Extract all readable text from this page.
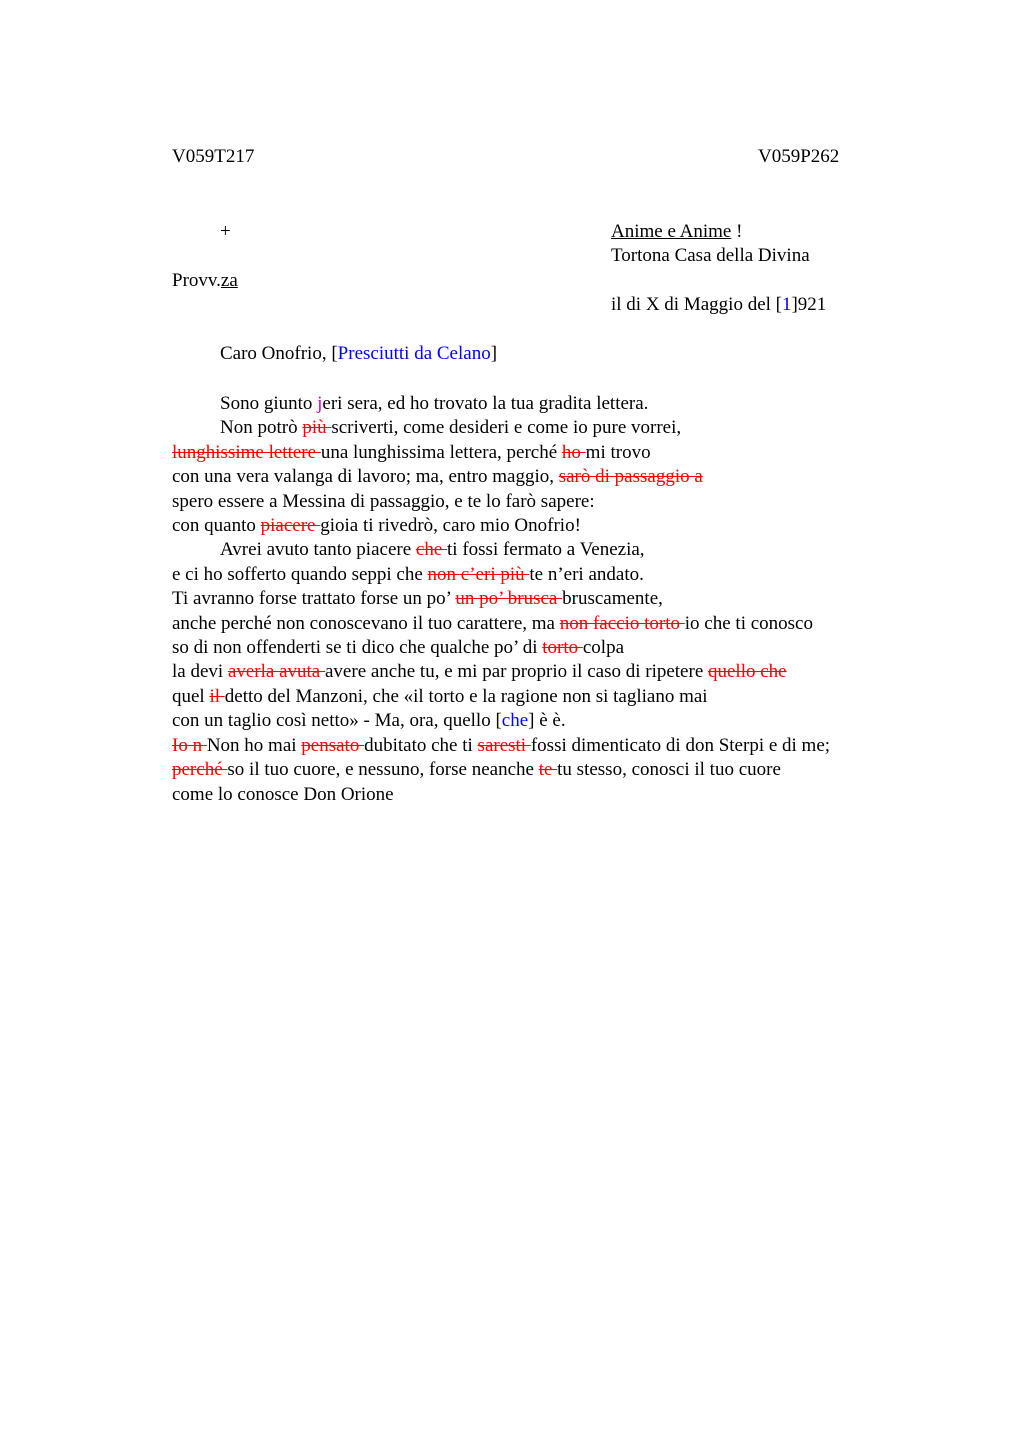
V059T217	V059P262
+	Anime e Anime !
Tortona Casa della Divina
Provv.za
il di X di Maggio del [1]921
Caro Onofrio, [Presciutti da Celano]
Sono giunto jeri sera, ed ho trovato la tua gradita lettera.
Non potrò più scriverti, come desideri e come io pure vorrei,
lunghissime lettere una lunghissima lettera, perché ho mi trovo
con una vera valanga di lavoro; ma, entro maggio, sarò di passaggio a
spero essere a Messina di passaggio, e te lo farò sapere:
con quanto piacere gioia ti rivedrò, caro mio Onofrio!
Avrei avuto tanto piacere che ti fossi fermato a Venezia,
e ci ho sofferto quando seppi che non c’eri più te n’eri andato.
Ti avranno forse trattato forse un po’ un po’ brusca bruscamente,
anche perché non conoscevano il tuo carattere, ma non faccio torto io che ti conosco
so di non offenderti se ti dico che qualche po’ di torto colpa
la devi averla avuta avere anche tu, e mi par proprio il caso di ripetere quello che
quel il detto del Manzoni, che «il torto e la ragione non si tagliano mai
con un taglio così netto» - Ma, ora, quello [che] è è.
Io n Non ho mai pensato dubitato che ti saresti fossi dimenticato di don Sterpi e di me;
perché so il tuo cuore, e nessuno, forse neanche te tu stesso, conosci il tuo cuore
come lo conosce Don Orione
